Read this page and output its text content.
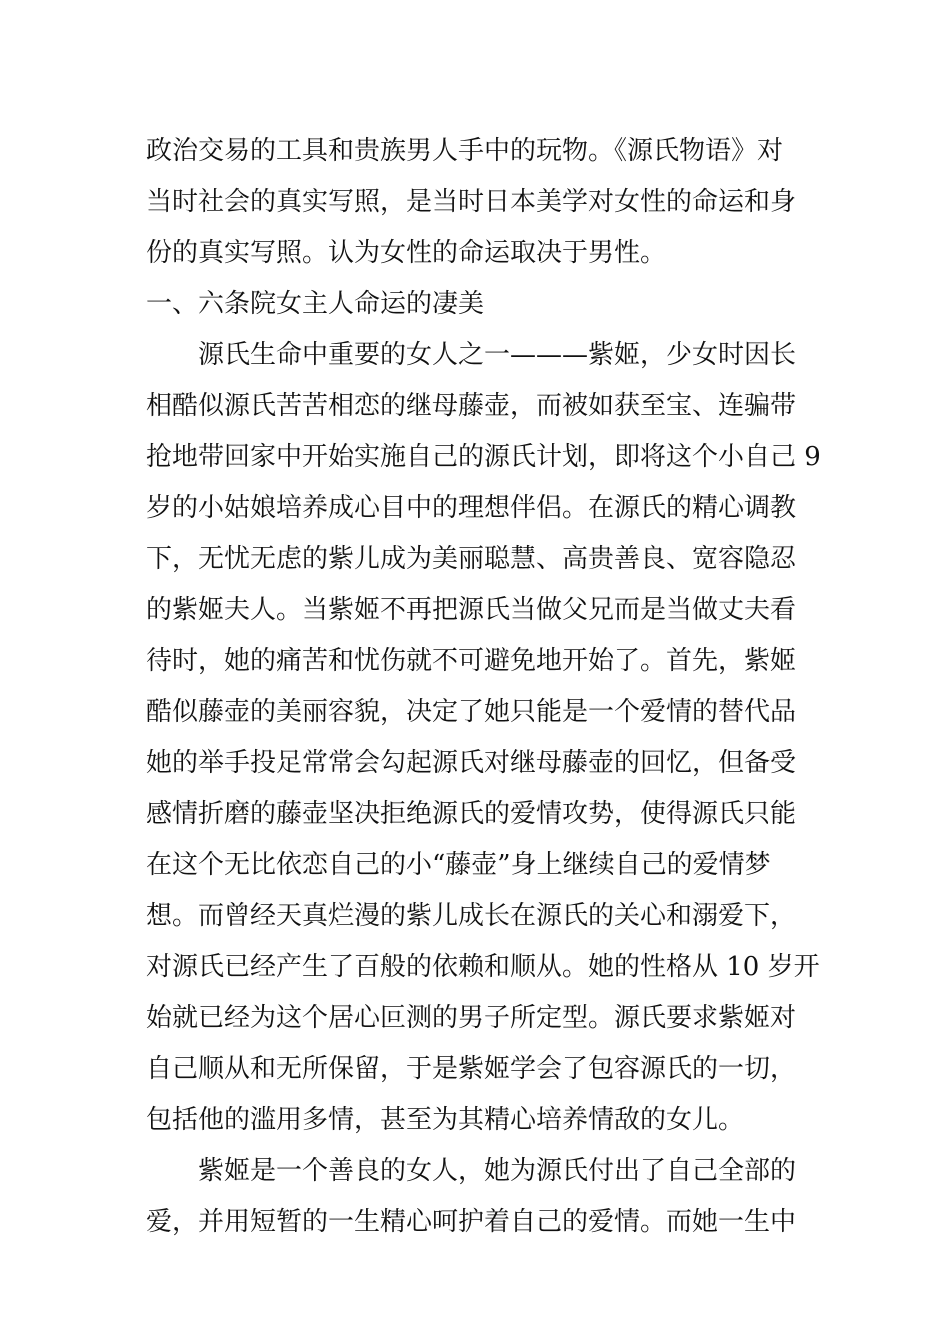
政治交易的工具和贵族男人手中的玩物。《源氏物语》对
当时社会的真实写照，是当时日本美学对女性的命运和身
份的真实写照。认为女性的命运取决于男性。
一、六条院女主人命运的凄美
源氏生命中重要的女人之一———紫姬，少女时因长
相酷似源氏苦苦相恋的继母藤壶，而被如获至宝、连骗带
抢地带回家中开始实施自己的源氏计划，即将这个小自己 9
岁的小姑娘培养成心目中的理想伴侣。在源氏的精心调教
下，无忧无虑的紫儿成为美丽聪慧、高贵善良、宽容隐忍
的紫姬夫人。当紫姬不再把源氏当做父兄而是当做丈夫看
待时，她的痛苦和忧伤就不可避免地开始了。首先，紫姬
酷似藤壶的美丽容貌，决定了她只能是一个爱情的替代品
她的举手投足常常会勾起源氏对继母藤壶的回忆，但备受
感情折磨的藤壶坚决拒绝源氏的爱情攻势，使得源氏只能
在这个无比依恋自己的小“藤壶”身上继续自己的爱情梦
想。而曾经天真烂漫的紫儿成长在源氏的关心和溺爱下，
对源氏已经产生了百般的依赖和顺从。她的性格从 10 岁开
始就已经为这个居心叵测的男子所定型。源氏要求紫姬对
自己顺从和无所保留，于是紫姬学会了包容源氏的一切，
包括他的滥用多情，甚至为其精心培养情敌的女儿。
紫姬是一个善良的女人，她为源氏付出了自己全部的
爱，并用短暂的一生精心呵护着自己的爱情。而她一生中
